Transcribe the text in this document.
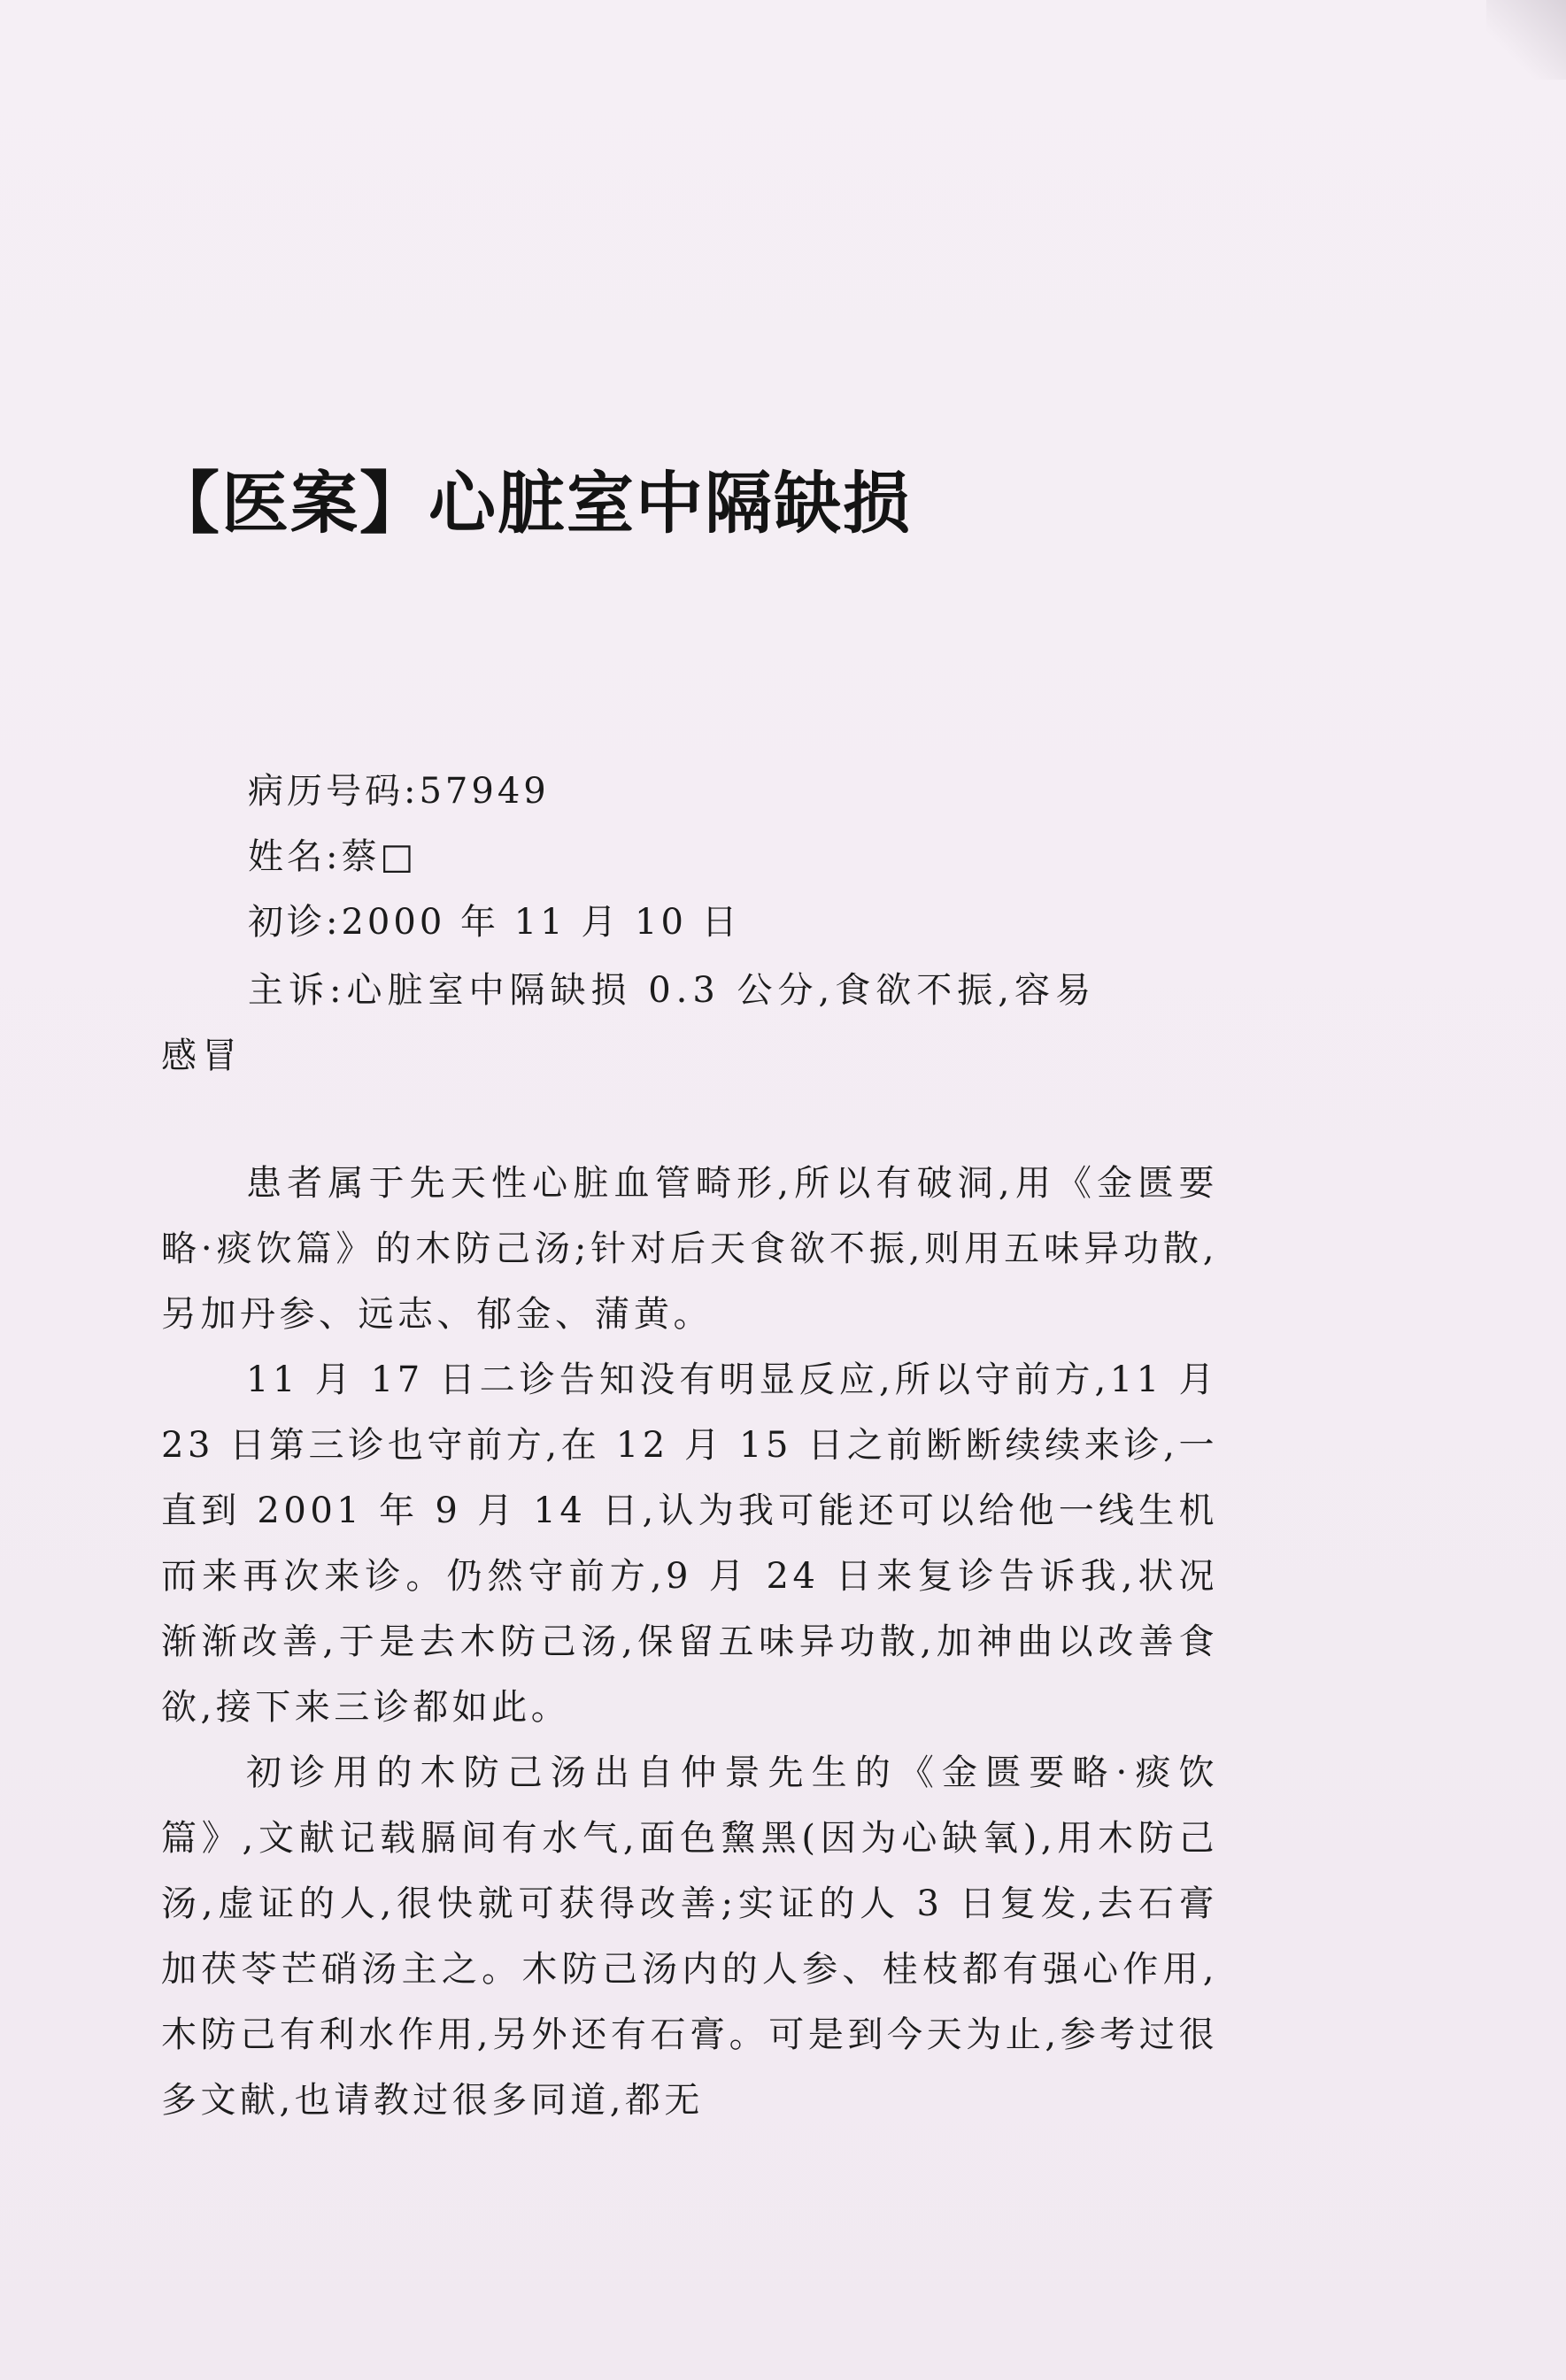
【医案】心脏室中隔缺损
病历号码:57949
姓名:蔡□
初诊:2000 年 11 月 10 日
主诉:心脏室中隔缺损 0.3 公分,食欲不振,容易
感冒

患者属于先天性心脏血管畸形,所以有破洞,用《金匮要略·痰饮篇》的木防己汤;针对后天食欲不振,则用五味异功散,另加丹参、远志、郁金、蒲黄。

11 月 17 日二诊告知没有明显反应,所以守前方,11 月 23 日第三诊也守前方,在 12 月 15 日之前断断续续来诊,一直到 2001 年 9 月 14 日,认为我可能还可以给他一线生机而来再次来诊。仍然守前方,9 月 24 日来复诊告诉我,状况渐渐改善,于是去木防己汤,保留五味异功散,加神曲以改善食欲,接下来三诊都如此。

初诊用的木防己汤出自仲景先生的《金匮要略·痰饮篇》,文献记载膈间有水气,面色黧黑(因为心缺氧),用木防己汤,虚证的人,很快就可获得改善;实证的人 3 日复发,去石膏加茯苓芒硝汤主之。木防己汤内的人参、桂枝都有强心作用,木防己有利水作用,另外还有石膏。可是到今天为止,参考过很多文献,也请教过很多同道,都无
